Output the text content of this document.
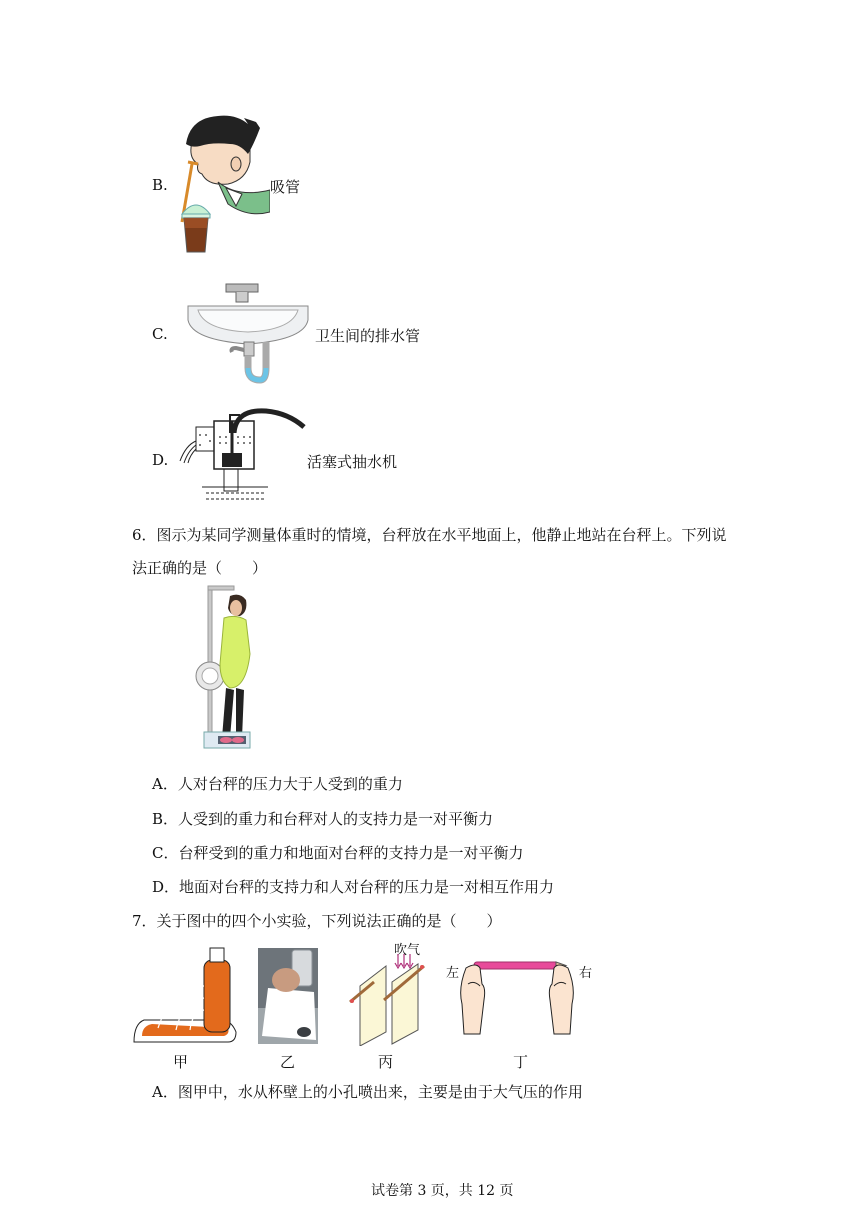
B.	吸管
C.	卫生间的排水管
D.	活塞式抽水机
6．图示为某同学测量体重时的情境，台秤放在水平地面上，他静止地站在台秤上。下列说
法正确的是（　　）
A．人对台秤的压力大于人受到的重力
B．人受到的重力和台秤对人的支持力是一对平衡力
C．台秤受到的重力和地面对台秤的支持力是一对平衡力
D．地面对台秤的支持力和人对台秤的压力是一对相互作用力
7．关于图中的四个小实验，下列说法正确的是（　　）
甲	乙
吹气
丙
左	右
丁
A．图甲中，水从杯壁上的小孔喷出来，主要是由于大气压的作用
试卷第 3 页，共 12 页
